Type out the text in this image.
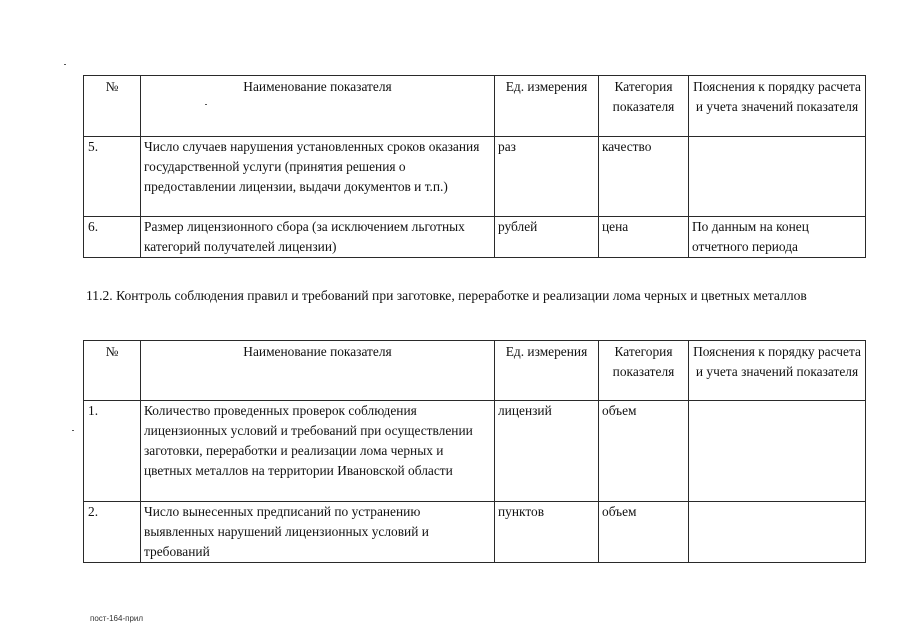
№	Наименование показателя	Ед. измерения	Категория показателя	Пояснения к порядку расчета и учета значений показателя
5.	Число случаев нарушения установленных сроков оказания государственной услуги (принятия решения о предоставлении лицензии, выдачи документов и т.п.)	раз	качество	
6.	Размер лицензионного сбора (за исключением льготных категорий получателей лицензии)	рублей	цена	По данным на конец отчетного периода
11.2. Контроль соблюдения правил и требований при заготовке, переработке и реализации лома черных и цветных металлов
№	Наименование показателя	Ед. измерения	Категория показателя	Пояснения к порядку расчета и учета значений показателя
1.	Количество проведенных проверок соблюдения лицензионных условий и требований при осуществлении заготовки, переработки и реализации лома черных и цветных металлов на территории Ивановской области	лицензий	объем	
2.	Число вынесенных предписаний по устранению выявленных нарушений лицензионных условий и требований	пунктов	объем	
пост-164-прил
